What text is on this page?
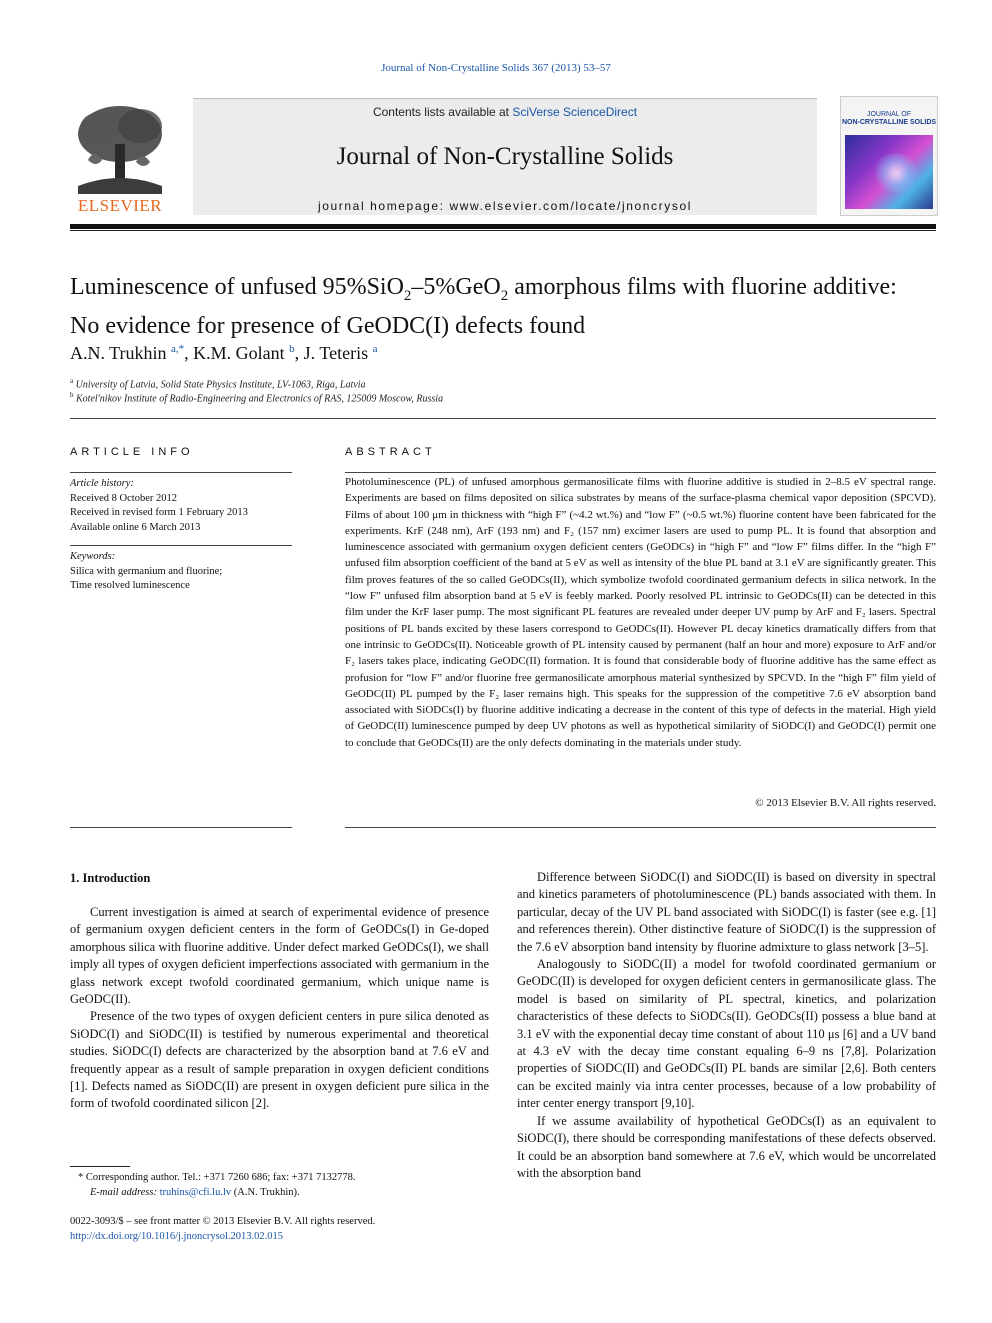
Journal of Non-Crystalline Solids 367 (2013) 53–57
ELSEVIER
Contents lists available at SciVerse ScienceDirect
Journal of Non-Crystalline Solids
journal homepage: www.elsevier.com/locate/jnoncrysol
JOURNAL OF
NON-CRYSTALLINE SOLIDS
Luminescence of unfused 95%SiO$_2$–5%GeO$_2$ amorphous films with fluorine additive:
No evidence for presence of GeODC(I) defects found
A.N. Trukhin $^{a,*}$, K.M. Golant $^b$, J. Teteris $^a$
$^a$ University of Latvia, Solid State Physics Institute, LV-1063, Riga, Latvia
$^b$ Kotel'nikov Institute of Radio-Engineering and Electronics of RAS, 125009 Moscow, Russia
ARTICLE INFO
Article history:
Received 8 October 2012
Received in revised form 1 February 2013
Available online 6 March 2013
Keywords:
Silica with germanium and fluorine;
Time resolved luminescence
ABSTRACT

Photoluminescence (PL) of unfused amorphous germanosilicate films with fluorine additive is studied in 2–8.5 eV spectral range. Experiments are based on films deposited on silica substrates by means of the surface-plasma chemical vapor deposition (SPCVD). Films of about 100 μm in thickness with “high F” (~4.2 wt.%) and “low F” (~0.5 wt.%) fluorine content have been fabricated for the experiments. KrF (248 nm), ArF (193 nm) and F₂ (157 nm) excimer lasers are used to pump PL. It is found that absorption and luminescence associated with germanium oxygen deficient centers (GeODCs) in “high F” and “low F” films differ. In the “high F” unfused film absorption coefficient of the band at 5 eV as well as intensity of the blue PL band at 3.1 eV are significantly greater. This film proves features of the so called GeODCs(II), which symbolize twofold coordinated germanium defects in silica network. In the “low F” unfused film absorption band at 5 eV is feebly marked. Poorly resolved PL intrinsic to GeODCs(II) can be detected in this film under the KrF laser pump. The most significant PL features are revealed under deeper UV pump by ArF and F₂ lasers. Spectral positions of PL bands excited by these lasers correspond to GeODCs(II). However PL decay kinetics dramatically differs from that one intrinsic to GeODCs(II). Noticeable growth of PL intensity caused by permanent (half an hour and more) exposure to ArF and/or F₂ lasers takes place, indicating GeODC(II) formation. It is found that considerable body of fluorine additive has the same effect as profusion for “low F” and/or fluorine free germanosilicate amorphous material synthesized by SPCVD. In the “high F” film yield of GeODC(II) PL pumped by the F₂ laser remains high. This speaks for the suppression of the competitive 7.6 eV absorption band associated with SiODCs(I) by fluorine additive indicating a decrease in the content of this type of defects in the material. High yield of GeODC(II) luminescence pumped by deep UV photons as well as hypothetical similarity of SiODC(I) and GeODC(I) permit one to conclude that GeODCs(II) are the only defects dominating in the materials under study.

© 2013 Elsevier B.V. All rights reserved.
1. Introduction

Current investigation is aimed at search of experimental evidence of presence of germanium oxygen deficient centers in the form of GeODCs(I) in Ge-doped amorphous silica with fluorine additive. Under defect marked GeODCs(I), we shall imply all types of oxygen deficient imperfections associated with germanium in the glass network except twofold coordinated germanium, which unique name is GeODC(II).

Presence of the two types of oxygen deficient centers in pure silica denoted as SiODC(I) and SiODC(II) is testified by numerous experimental and theoretical studies. SiODC(I) defects are characterized by the absorption band at 7.6 eV and frequently appear as a result of sample preparation in oxygen deficient conditions [1]. Defects named as SiODC(II) are present in oxygen deficient pure silica in the form of twofold coordinated silicon [2].

Difference between SiODC(I) and SiODC(II) is based on diversity in spectral and kinetics parameters of photoluminescence (PL) bands associated with them. In particular, decay of the UV PL band associated with SiODC(I) is faster (see e.g. [1] and references therein). Other distinctive feature of SiODC(I) is the suppression of the 7.6 eV absorption band intensity by fluorine admixture to glass network [3–5].

Analogously to SiODC(II) a model for twofold coordinated germanium or GeODC(II) is developed for oxygen deficient centers in germanosilicate glass. The model is based on similarity of PL spectral, kinetics, and polarization characteristics of these defects to SiODCs(II). GeODCs(II) possess a blue band at 3.1 eV with the exponential decay time constant of about 110 μs [6] and a UV band at 4.3 eV with the decay time constant equaling 6–9 ns [7,8]. Polarization properties of SiODC(II) and GeODCs(II) PL bands are similar [2,6]. Both centers can be excited mainly via intra center processes, because of a low probability of inter center energy transport [9,10].

If we assume availability of hypothetical GeODCs(I) as an equivalent to SiODC(I), there should be corresponding manifestations of these defects observed. It could be an absorption band somewhere at 7.6 eV, which would be uncorrelated with the absorption band

* Corresponding author. Tel.: +371 7260 686; fax: +371 7132778.
E-mail address: truhins@cfi.lu.lv (A.N. Trukhin).
0022-3093/$ – see front matter © 2013 Elsevier B.V. All rights reserved.
http://dx.doi.org/10.1016/j.jnoncrysol.2013.02.015
